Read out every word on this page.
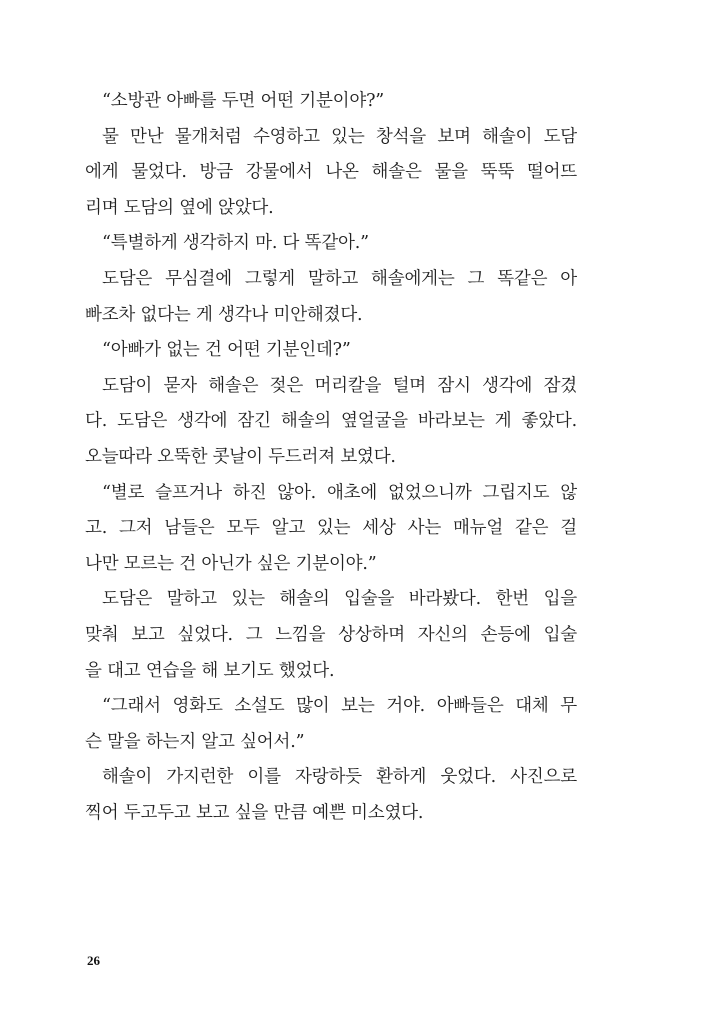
“소방관 아빠를 두면 어떤 기분이야?”
물 만난 물개처럼 수영하고 있는 창석을 보며 해솔이 도담
에게 물었다. 방금 강물에서 나온 해솔은 물을 뚝뚝 떨어뜨
리며 도담의 옆에 앉았다.
“특별하게 생각하지 마. 다 똑같아.”
도담은 무심결에 그렇게 말하고 해솔에게는 그 똑같은 아
빠조차 없다는 게 생각나 미안해졌다.
“아빠가 없는 건 어떤 기분인데?”
도담이 묻자 해솔은 젖은 머리칼을 털며 잠시 생각에 잠겼
다. 도담은 생각에 잠긴 해솔의 옆얼굴을 바라보는 게 좋았다.
오늘따라 오뚝한 콧날이 두드러져 보였다.
“별로 슬프거나 하진 않아. 애초에 없었으니까 그립지도 않
고. 그저 남들은 모두 알고 있는 세상 사는 매뉴얼 같은 걸
나만 모르는 건 아닌가 싶은 기분이야.”
도담은 말하고 있는 해솔의 입술을 바라봤다. 한번 입을
맞춰 보고 싶었다. 그 느낌을 상상하며 자신의 손등에 입술
을 대고 연습을 해 보기도 했었다.
“그래서 영화도 소설도 많이 보는 거야. 아빠들은 대체 무
슨 말을 하는지 알고 싶어서.”
해솔이 가지런한 이를 자랑하듯 환하게 웃었다. 사진으로
찍어 두고두고 보고 싶을 만큼 예쁜 미소였다.
26
